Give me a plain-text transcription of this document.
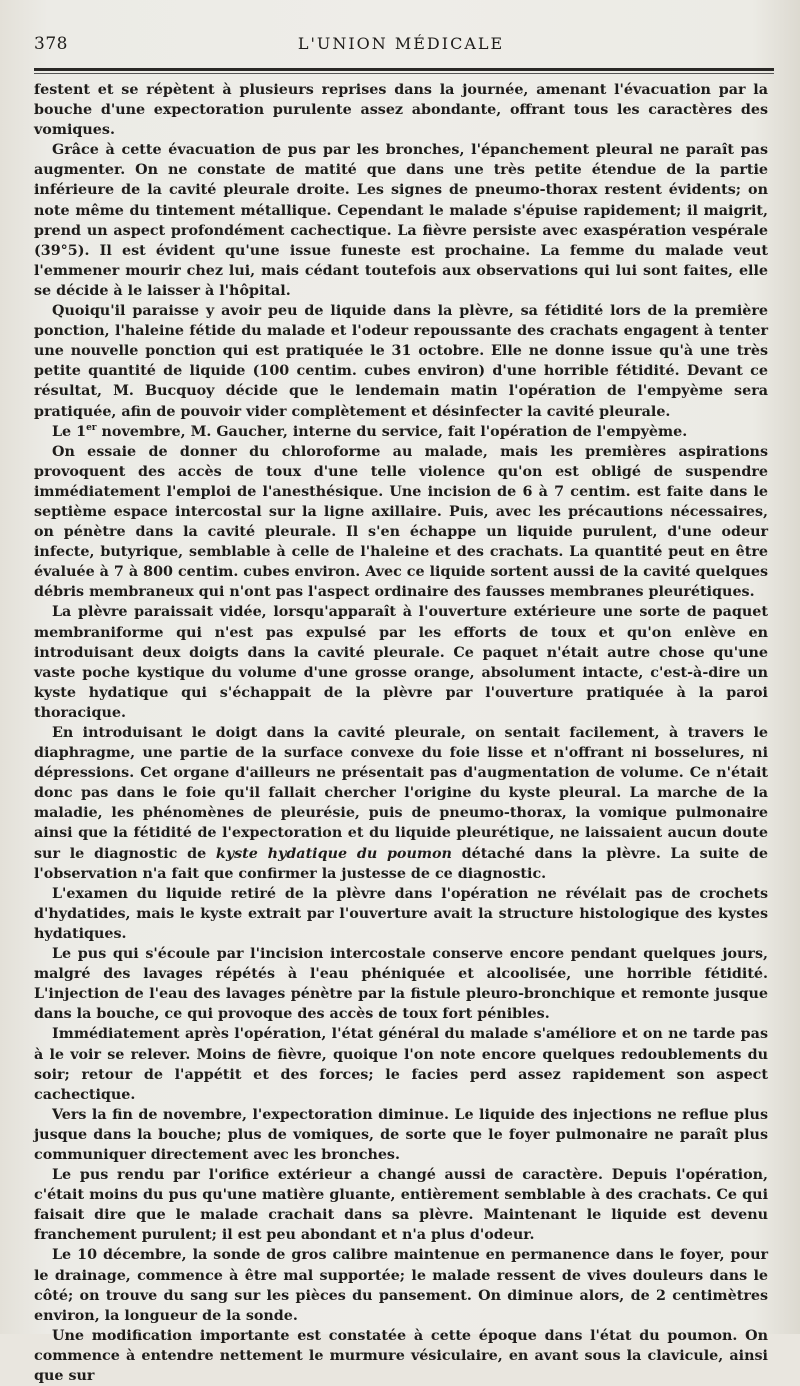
378	L'UNION MÉDICALE

festent et se répètent à plusieurs reprises dans la journée, amenant l'évacuation par la bouche d'une expectoration purulente assez abondante, offrant tous les caractères des vomiques.

Grâce à cette évacuation de pus par les bronches, l'épanchement pleural ne paraît pas augmenter. On ne constate de matité que dans une très petite étendue de la partie inférieure de la cavité pleurale droite. Les signes de pneumo-thorax restent évidents; on note même du tintement métallique. Cependant le malade s'épuise rapidement; il maigrit, prend un aspect profondément cachectique. La fièvre persiste avec exaspération vespérale (39°5). Il est évident qu'une issue funeste est prochaine. La femme du malade veut l'emmener mourir chez lui, mais cédant toutefois aux observations qui lui sont faites, elle se décide à le laisser à l'hôpital.

Quoiqu'il paraisse y avoir peu de liquide dans la plèvre, sa fétidité lors de la première ponction, l'haleine fétide du malade et l'odeur repoussante des crachats engagent à tenter une nouvelle ponction qui est pratiquée le 31 octobre. Elle ne donne issue qu'à une très petite quantité de liquide (100 centim. cubes environ) d'une horrible fétidité. Devant ce résultat, M. Bucquoy décide que le lendemain matin l'opération de l'empyème sera pratiquée, afin de pouvoir vider complètement et désinfecter la cavité pleurale.

Le 1er novembre, M. Gaucher, interne du service, fait l'opération de l'empyème.

On essaie de donner du chloroforme au malade, mais les premières aspirations provoquent des accès de toux d'une telle violence qu'on est obligé de suspendre immédiatement l'emploi de l'anesthésique. Une incision de 6 à 7 centim. est faite dans le septième espace intercostal sur la ligne axillaire. Puis, avec les précautions nécessaires, on pénètre dans la cavité pleurale. Il s'en échappe un liquide purulent, d'une odeur infecte, butyrique, semblable à celle de l'haleine et des crachats. La quantité peut en être évaluée à 7 à 800 centim. cubes environ. Avec ce liquide sortent aussi de la cavité quelques débris membraneux qui n'ont pas l'aspect ordinaire des fausses membranes pleurétiques.

La plèvre paraissait vidée, lorsqu'apparaît à l'ouverture extérieure une sorte de paquet membraniforme qui n'est pas expulsé par les efforts de toux et qu'on enlève en introduisant deux doigts dans la cavité pleurale. Ce paquet n'était autre chose qu'une vaste poche kystique du volume d'une grosse orange, absolument intacte, c'est-à-dire un kyste hydatique qui s'échappait de la plèvre par l'ouverture pratiquée à la paroi thoracique.

En introduisant le doigt dans la cavité pleurale, on sentait facilement, à travers le diaphragme, une partie de la surface convexe du foie lisse et n'offrant ni bosselures, ni dépressions. Cet organe d'ailleurs ne présentait pas d'augmentation de volume. Ce n'était donc pas dans le foie qu'il fallait chercher l'origine du kyste pleural. La marche de la maladie, les phénomènes de pleurésie, puis de pneumo-thorax, la vomique pulmonaire ainsi que la fétidité de l'expectoration et du liquide pleurétique, ne laissaient aucun doute sur le diagnostic de kyste hydatique du poumon détaché dans la plèvre. La suite de l'observation n'a fait que confirmer la justesse de ce diagnostic.

L'examen du liquide retiré de la plèvre dans l'opération ne révélait pas de crochets d'hydatides, mais le kyste extrait par l'ouverture avait la structure histologique des kystes hydatiques.

Le pus qui s'écoule par l'incision intercostale conserve encore pendant quelques jours, malgré des lavages répétés à l'eau phéniquée et alcoolisée, une horrible fétidité. L'injection de l'eau des lavages pénètre par la fistule pleuro-bronchique et remonte jusque dans la bouche, ce qui provoque des accès de toux fort pénibles.

Immédiatement après l'opération, l'état général du malade s'améliore et on ne tarde pas à le voir se relever. Moins de fièvre, quoique l'on note encore quelques redoublements du soir; retour de l'appétit et des forces; le facies perd assez rapidement son aspect cachectique.

Vers la fin de novembre, l'expectoration diminue. Le liquide des injections ne reflue plus jusque dans la bouche; plus de vomiques, de sorte que le foyer pulmonaire ne paraît plus communiquer directement avec les bronches.

Le pus rendu par l'orifice extérieur a changé aussi de caractère. Depuis l'opération, c'était moins du pus qu'une matière gluante, entièrement semblable à des crachats. Ce qui faisait dire que le malade crachait dans sa plèvre. Maintenant le liquide est devenu franchement purulent; il est peu abondant et n'a plus d'odeur.

Le 10 décembre, la sonde de gros calibre maintenue en permanence dans le foyer, pour le drainage, commence à être mal supportée; le malade ressent de vives douleurs dans le côté; on trouve du sang sur les pièces du pansement. On diminue alors, de 2 centimètres environ, la longueur de la sonde.

Une modification importante est constatée à cette époque dans l'état du poumon. On commence à entendre nettement le murmure vésiculaire, en avant sous la clavicule, ainsi que sur
